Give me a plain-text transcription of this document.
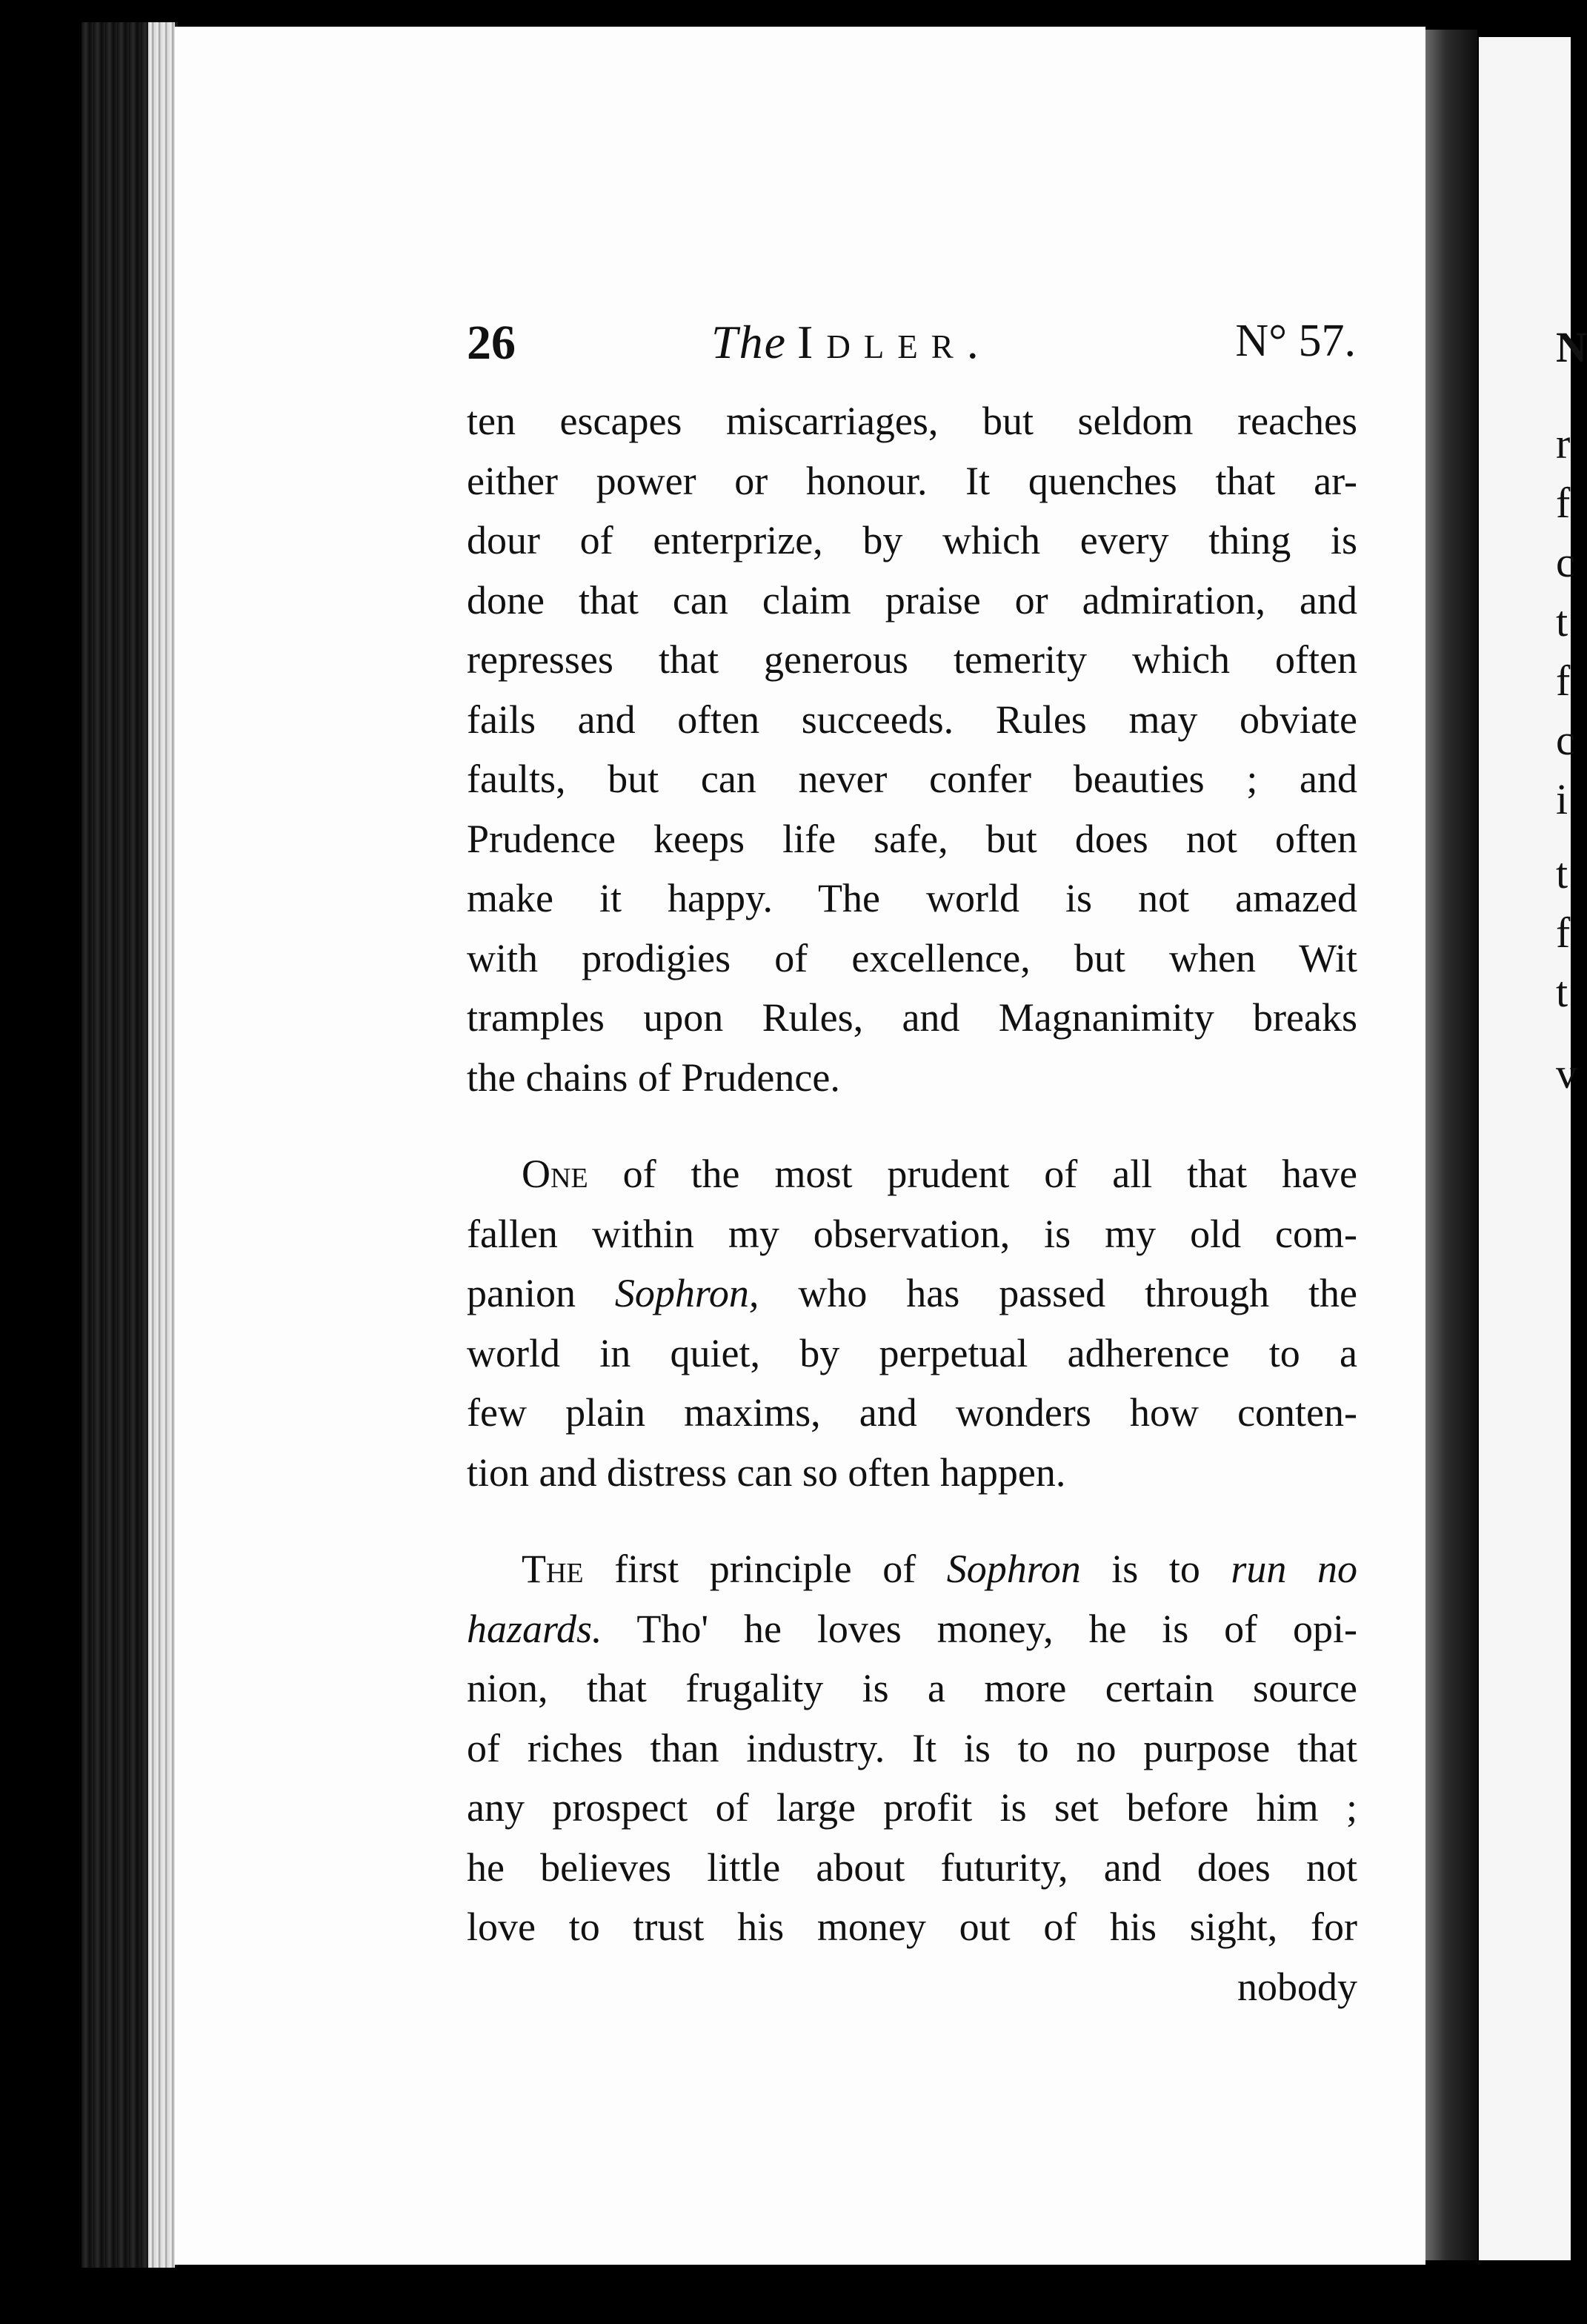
N
r
f
c
t
f
c
i
t
f
t
v
26	The Idler.	N° 57.
ten escapes miscarriages, but seldom reaches
either power or honour. It quenches that ar-
dour of enterprize, by which every thing is
done that can claim praise or admiration, and
represses that generous temerity which often
fails and often succeeds. Rules may obviate
faults, but can never confer beauties ; and
Prudence keeps life safe, but does not often
make it happy. The world is not amazed
with prodigies of excellence, but when Wit
tramples upon Rules, and Magnanimity breaks
the chains of Prudence.
One of the most prudent of all that have
fallen within my observation, is my old com-
panion Sophron, who has passed through the
world in quiet, by perpetual adherence to a
few plain maxims, and wonders how conten-
tion and distress can so often happen.
The first principle of Sophron is to run no
hazards. Tho' he loves money, he is of opi-
nion, that frugality is a more certain source
of riches than industry. It is to no purpose that
any prospect of large profit is set before him ;
he believes little about futurity, and does not
love to trust his money out of his sight, for
nobody
